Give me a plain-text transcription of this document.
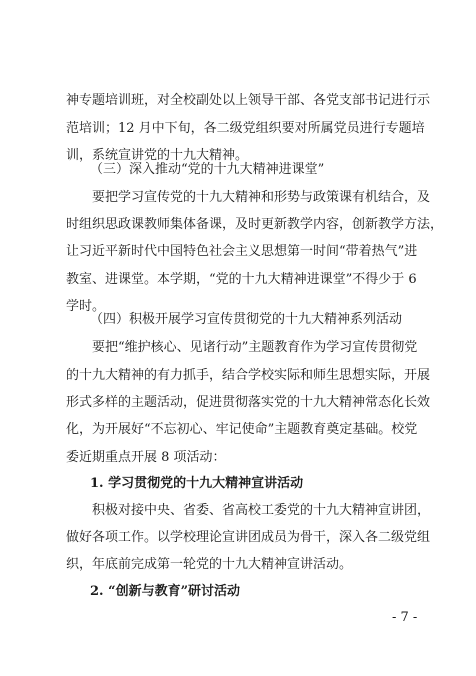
神专题培训班，对全校副处以上领导干部、各党支部书记进行示
范培训；12 月中下旬，各二级党组织要对所属党员进行专题培
训，系统宣讲党的十九大精神。
（三）深入推动“党的十九大精神进课堂”
要把学习宣传党的十九大精神和形势与政策课有机结合，及
时组织思政课教师集体备课，及时更新教学内容，创新教学方法，
让习近平新时代中国特色社会主义思想第一时间“带着热气”进
教室、进课堂。本学期，“党的十九大精神进课堂”不得少于 6
学时。
（四）积极开展学习宣传贯彻党的十九大精神系列活动
要把“维护核心、见诸行动”主题教育作为学习宣传贯彻党
的十九大精神的有力抓手，结合学校实际和师生思想实际，开展
形式多样的主题活动，促进贯彻落实党的十九大精神常态化长效
化，为开展好“不忘初心、牢记使命”主题教育奠定基础。校党
委近期重点开展 8 项活动：
1. 学习贯彻党的十九大精神宣讲活动
积极对接中央、省委、省高校工委党的十九大精神宣讲团，
做好各项工作。以学校理论宣讲团成员为骨干，深入各二级党组
织，年底前完成第一轮党的十九大精神宣讲活动。
2. “创新与教育”研讨活动
- 7 -
